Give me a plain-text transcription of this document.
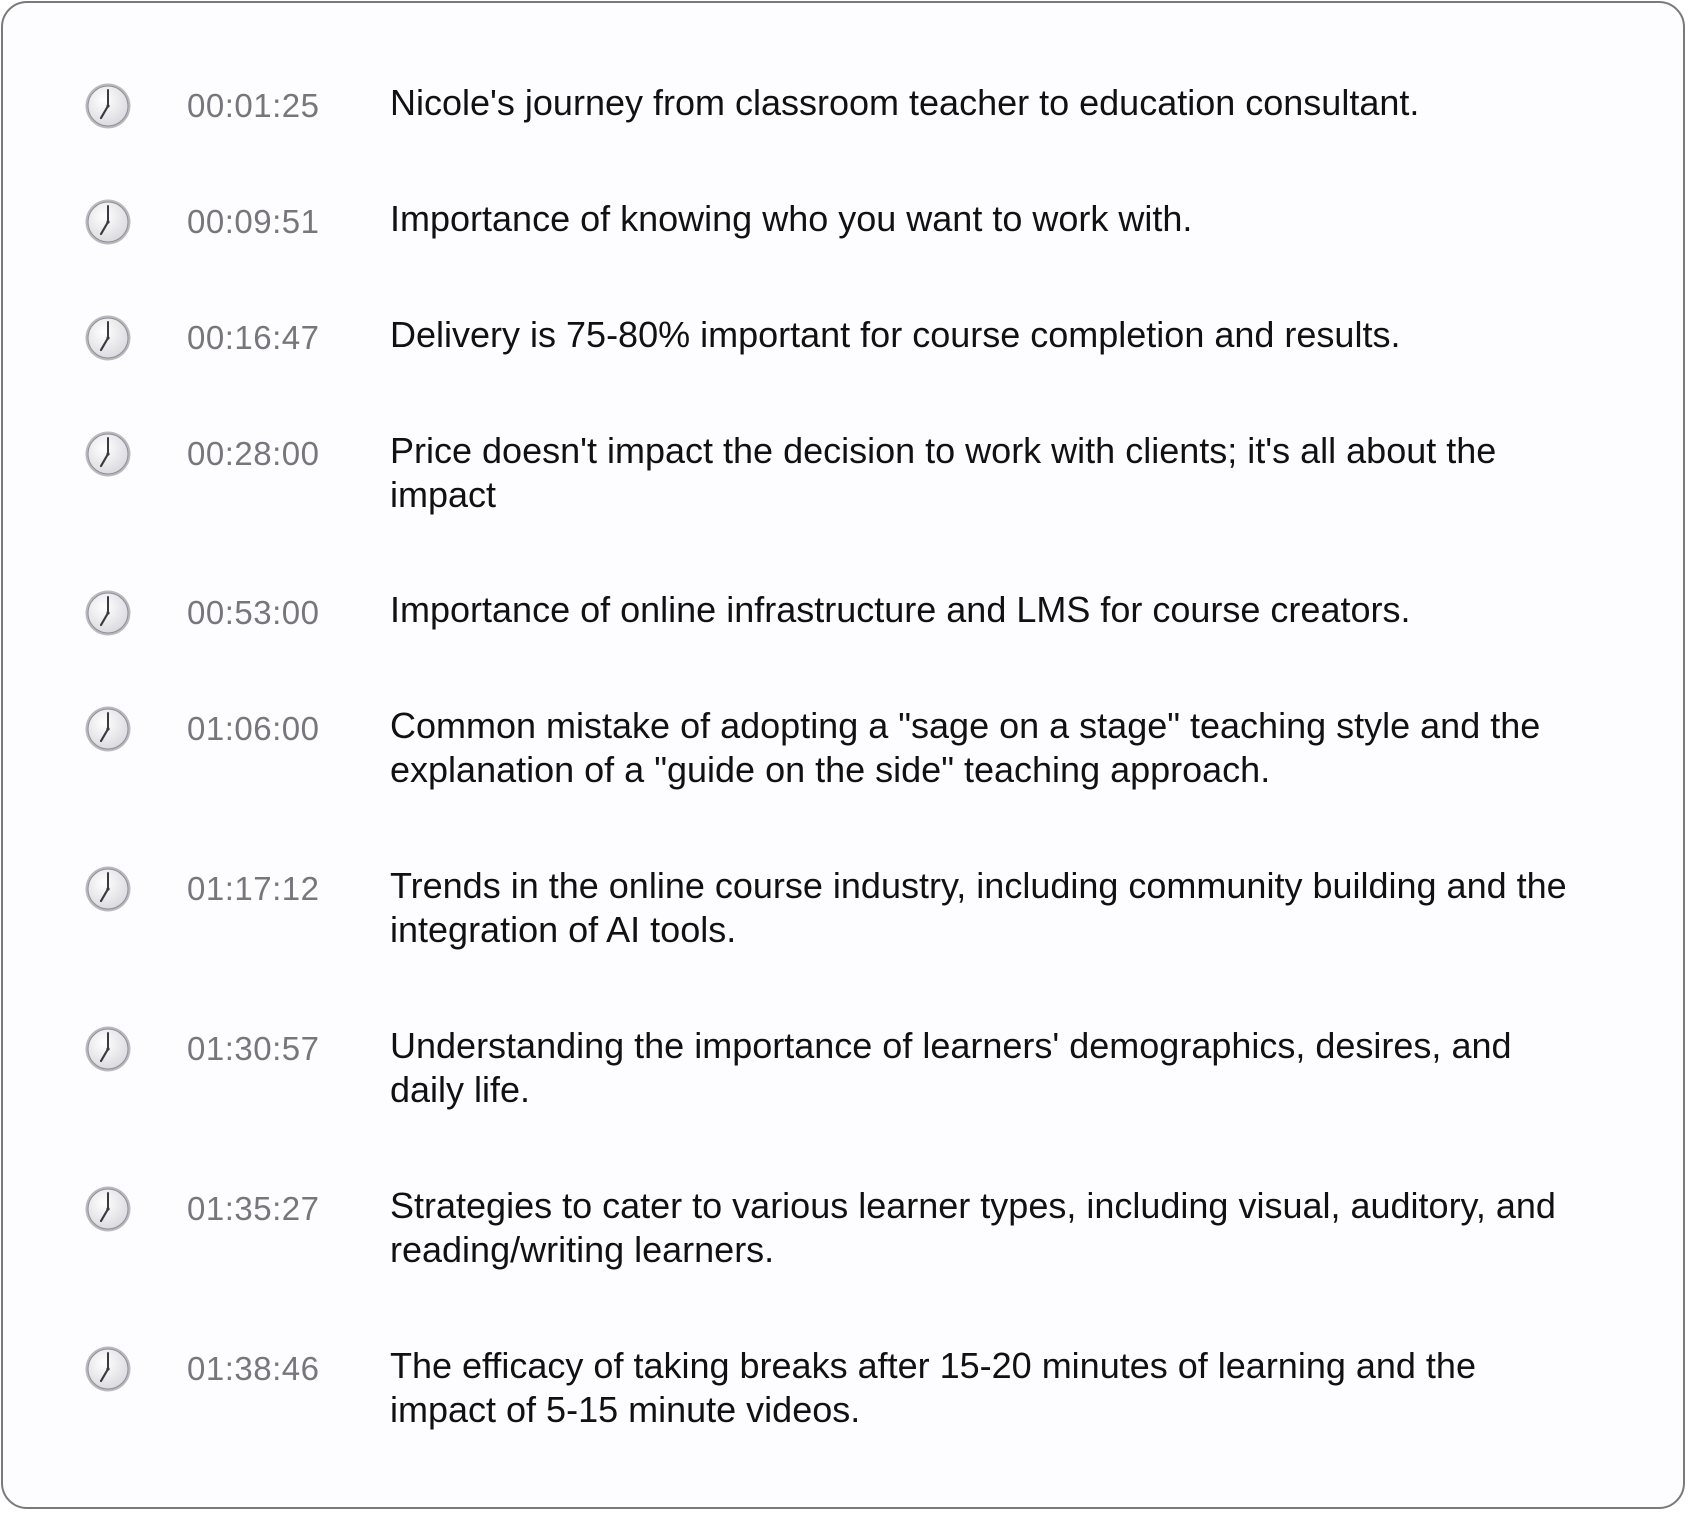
00:01:25 Nicole's journey from classroom teacher to education consultant.
00:09:51 Importance of knowing who you want to work with.
00:16:47 Delivery is 75-80% important for course completion and results.
00:28:00 Price doesn't impact the decision to work with clients; it's all about the impact
00:53:00 Importance of online infrastructure and LMS for course creators.
01:06:00 Common mistake of adopting a "sage on a stage" teaching style and the explanation of a "guide on the side" teaching approach.
01:17:12 Trends in the online course industry, including community building and the integration of AI tools.
01:30:57 Understanding the importance of learners' demographics, desires, and daily life.
01:35:27 Strategies to cater to various learner types, including visual, auditory, and reading/writing learners.
01:38:46 The efficacy of taking breaks after 15-20 minutes of learning and the impact of 5-15 minute videos.
